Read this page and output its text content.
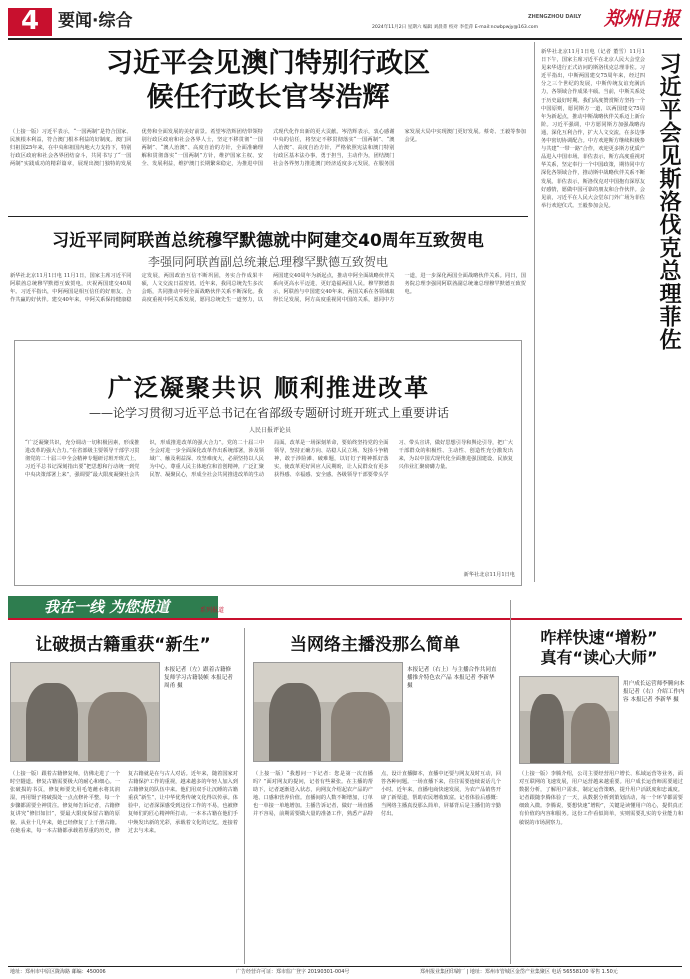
4	要闻·综合	2024年11月2日 星期六 编辑 刘晨菁 校对 李佳萍 E-mail:ncwbpwjy@163.com
ZHENGZHOU DAILY	郑州日报
习近平会见澳门特别行政区
候任行政长官岑浩辉
（上接一版）习近平表示，“一国两制”是符合国家、民族根本利益，符合澳门根本利益的好制度。澳门回归祖国25年来，在中央和祖国内地大力支持下，特别行政区政府和社会各界团结奋斗，共同书写了“一国两制”实践成功的精彩篇章，展现出澳门独特的发展优势和全面发展的美好前景。希望岑浩辉团结带领特别行政区政府和社会各界人士，坚定不移贯彻“一国两制”、“澳人治澳”、高度自治的方针，全面准确理解和贯彻落实“一国两制”方针，维护国家主权、安全、发展利益，维护澳门长期繁荣稳定，为推进中国式现代化作出新的更大贡献。岑浩辉表示，衷心感谢中央的信任，将坚定不移贯彻落实“一国两制”、“澳人治澳”、高度自治方针，严格依照宪法和澳门特别行政区基本法办事，勇于担当，主动作为，团结澳门社会各界努力推进澳门经济适度多元发展，在服务国家发展大局中实现澳门更好发展。蔡奇、王毅等参加会见。
习近平同阿联酋总统穆罕默德就中阿建交40周年互致贺电
李强同阿联酋副总统兼总理穆罕默德互致贺电
新华社北京11月1日电 11月1日，国家主席习近平同阿联酋总统穆罕默德互致贺电，庆祝两国建交40周年。习近平指出，中阿两国是相互信任的好朋友、合作共赢的好伙伴。建交40年来，中阿关系保持健康稳定发展，两国政治互信不断巩固，务实合作成果丰硕，人文交流日益密切。近年来，我同总统先生多次会晤，共同推动中阿全面战略伙伴关系不断深化。我高度重视中阿关系发展，愿同总统先生一道努力，以两国建交40周年为新起点，推动中阿全面战略伙伴关系向更高水平迈进，更好造福两国人民。穆罕默德表示，阿联酋与中国建交40年来，两国关系在各领域取得长足发展，阿方高度重视同中国的关系，愿同中方一道，进一步深化两国全面战略伙伴关系。同日，国务院总理李强同阿联酋副总统兼总理穆罕默德互致贺电。
广泛凝聚共识 顺利推进改革
——论学习贯彻习近平总书记在省部级专题研讨班开班式上重要讲话
人民日报评论员
“广泛凝聚共识，充分调动一切积极因素，形成推进改革的强大合力。”在省部级主要领导干部学习贯彻党的二十届三中全会精神专题研讨班开班式上，习近平总书记深刻指出要“把思想和行动统一到党中央决策部署上来”，强调要“最大限度凝聚社会共识，形成推进改革的强大合力”。党的二十届三中全会对进一步全面深化改革作出系统部署，涉及领域广、触及利益深、攻坚难度大，必须坚持以人民为中心，尊重人民主体地位和首创精神，广泛汇聚民智、凝聚民心，形成全社会共同推进改革的生动局面。改革是一场深刻革命，要始终坚持党的全面领导，坚持正确方向、站稳人民立场、发扬斗争精神，敢于涉险滩、破难题，以钉钉子精神抓好落实，使改革更好回应人民期盼，让人民群众有更多获得感、幸福感、安全感。各级领导干部要带头学习、带头宣讲，做好思想引导和舆论引导，把广大干部群众的积极性、主动性、创造性充分激发出来，为以中国式现代化全面推进强国建设、民族复兴伟业汇聚磅礴力量。
新华社北京11月1日电
新华社北京11月1日电（记者 董雪）11月1日下午，国家主席习近平在北京人民大会堂会见来华进行正式访问的斯洛伐克总理菲佐。习近平指出，中斯两国建交75周年来，经过四分之三个世纪的发展，中斯传统友谊充满活力，各领域合作成果丰硕。当前，中斯关系处于历史最好时期。我们高度赞赏斯方坚持一个中国原则，愿同斯方一道，以两国建交75周年为新起点，推动中斯战略伙伴关系迈上新台阶。习近平强调，中方愿同斯方加强战略沟通，深化互利合作，扩大人文交流，在多边事务中密切协调配合。中方欢迎斯方继续积极参与共建“一带一路”合作，欢迎更多斯方优质产品进入中国市场。菲佐表示，斯方高度重视对华关系，坚定奉行一个中国政策，期待同中方深化各领域合作，推动斯中战略伙伴关系不断发展。菲佐表示，斯洛伐克对中国抱有深厚友好感情，愿做中国可靠的朋友和合作伙伴。会见前，习近平在人民大会堂东门外广场为菲佐举行欢迎仪式。王毅参加会见。	习近平会见斯洛伐克总理菲佐
我在一线 为您报道	系列报道
让破损古籍重获“新生”
本报记者（左）跟着古籍修复师学习古籍装帧 本报记者 周甬 摄
（上接一版）跟着古籍修复师，仿佛走进了一个时空隧道。修复古籍需要极大的耐心和细心。一张破损的书页，修复师要先用毛笔蘸水将其润湿，再用镊子将破损处一点点修补平整，每一个步骤都需要全神贯注。修复师告诉记者，古籍修复讲究“修旧如旧”，要最大限度保留古籍的原貌。从业十几年来，她已经修复了上千册古籍。在她看来，每一本古籍都承载着厚重的历史，修复古籍就是在与古人对话。近年来，随着国家对古籍保护工作的重视，越来越多的年轻人加入到古籍修复的队伍中来。他们用双手让沉睡的古籍重获“新生”，让中华优秀传统文化得以传承。体验中，记者深深感受到这份工作的不易，也被修复师们的匠心精神所打动。一本本古籍在他们手中焕发出新的光彩，承载着文化的记忆，连接着过去与未来。
当网络主播没那么简单
本报记者（右上）与主播合作共同直播推介特色农产品 本报记者 李新华 摄
（上接一版）“我想问一下记者：您是第一次直播吗？”面对网友的提问，记者有些紧张。在主播的帮助下，记者逐渐进入状态，向网友介绍起农产品的产地、口感和营养价值。直播间的人数不断增加，订单也一单接一单地增加。主播告诉记者，做好一场直播并不容易，前期需要做大量的准备工作，熟悉产品特点，设计直播脚本，直播中还要与网友及时互动，回答各种问题。一场直播下来，往往需要连续说话几个小时。近年来，直播电商快速发展，为农产品销售开辟了新渠道，帮助农民增收致富。记者体验后感慨：当网络主播真没那么简单，屏幕背后是主播们的辛勤付出。
咋样快速“增粉”
真有“读心大师”
用户成长运营师李腾向本报记者（右）介绍工作内容 本报记者 李新华 摄
（上接一版）李腾介绍，公司主要经营用户增长、私域运营等业务，面对互联网的飞速发展，用户运营越来越重要。用户成长运营师需要通过数据分析，了解用户需求，制定运营策略，提升用户活跃度和忠诚度。记者跟随李腾体验了一天，从数据分析到策划活动，每一个环节都需要细致入微。李腾说，要想快速“增粉”，关键是读懂用户的心，提供真正有价值的内容和服务。这份工作看似简单，实则需要扎实的专业能力和敏锐的市场洞察力。
地址：郑州市中原区陇海路 邮编：450006	广告经营许可证：郑市监广登字 20190301-004号	郑州报业集团印刷厂 | 地址：郑州市管城区金岱产业集聚区 电话 56558100 零售 1.50元
